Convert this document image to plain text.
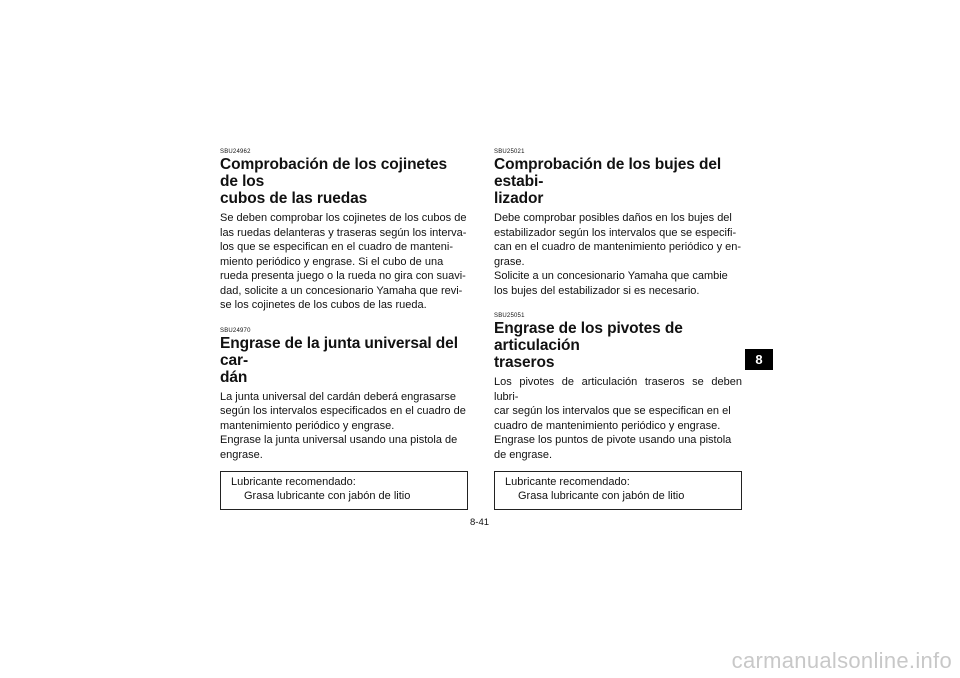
SBU24962

Comprobación de los cojinetes de los
cubos de las ruedas

Se deben comprobar los cojinetes de los cubos de
las ruedas delanteras y traseras según los interva-
los que se especifican en el cuadro de manteni-
miento periódico y engrase. Si el cubo de una
rueda presenta juego o la rueda no gira con suavi-
dad, solicite a un concesionario Yamaha que revi-
se los cojinetes de los cubos de las rueda.

SBU24970

Engrase de la junta universal del car-
dán

La junta universal del cardán deberá engrasarse
según los intervalos especificados en el cuadro de
mantenimiento periódico y engrase.
Engrase la junta universal usando una pistola de
engrase.

Lubricante recomendado:
Grasa lubricante con jabón de litio

SBU25021

Comprobación de los bujes del estabi-
lizador

Debe comprobar posibles daños en los bujes del
estabilizador según los intervalos que se especifi-
can en el cuadro de mantenimiento periódico y en-
grase.
Solicite a un concesionario Yamaha que cambie
los bujes del estabilizador si es necesario.

SBU25051

Engrase de los pivotes de articulación
traseros

Los pivotes de articulación traseros se deben lubri-
car según los intervalos que se especifican en el
cuadro de mantenimiento periódico y engrase.
Engrase los puntos de pivote usando una pistola
de engrase.

Lubricante recomendado:
Grasa lubricante con jabón de litio
8-41
8
carmanualsonline.info
